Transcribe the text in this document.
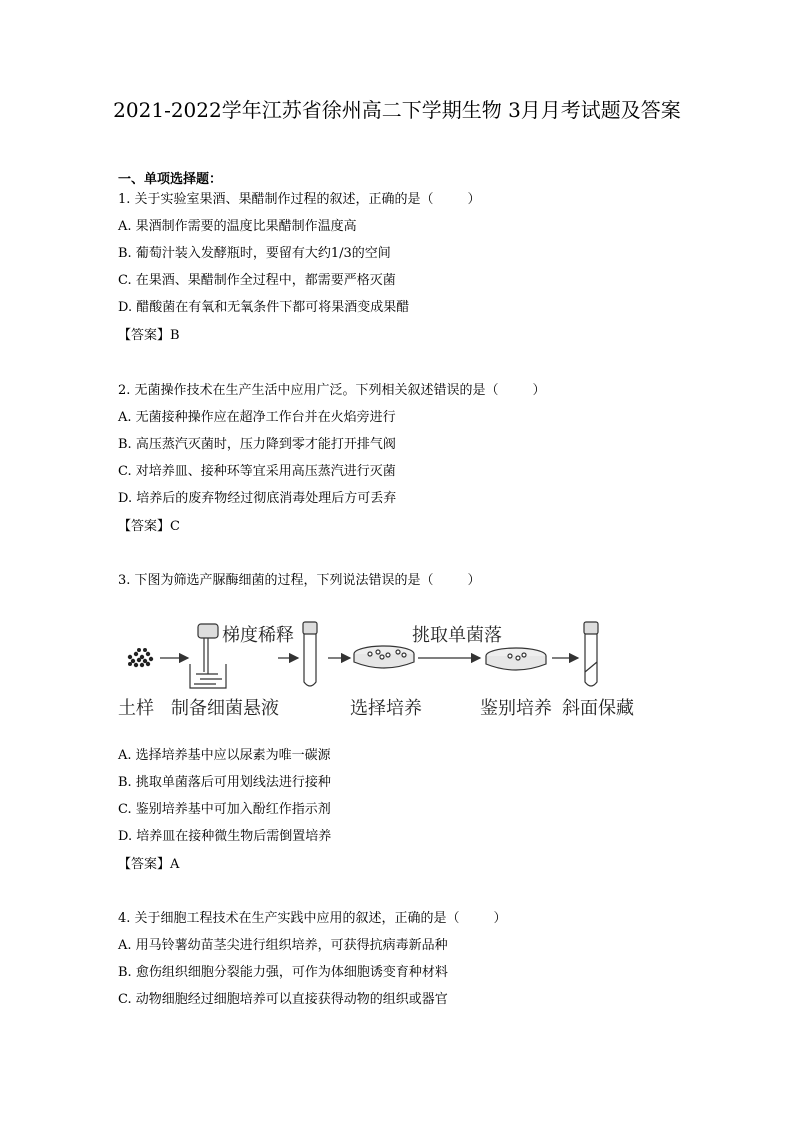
2021-2022学年江苏省徐州高二下学期生物 3月月考试题及答案
一、单项选择题：
1. 关于实验室果酒、果醋制作过程的叙述，正确的是（	）
A. 果酒制作需要的温度比果醋制作温度高
B. 葡萄汁装入发酵瓶时，要留有大约1/3的空间
C. 在果酒、果醋制作全过程中，都需要严格灭菌
D. 醋酸菌在有氧和无氧条件下都可将果酒变成果醋
【答案】B
2. 无菌操作技术在生产生活中应用广泛。下列相关叙述错误的是（	）
A. 无菌接种操作应在超净工作台并在火焰旁进行
B. 高压蒸汽灭菌时，压力降到零才能打开排气阀
C. 对培养皿、接种环等宜采用高压蒸汽进行灭菌
D. 培养后的废弃物经过彻底消毒处理后方可丢弃
【答案】C
3. 下图为筛选产脲酶细菌的过程，下列说法错误的是（	）
梯度稀释	挑取单菌落
土样 制备细菌悬液	选择培养	鉴别培养 斜面保藏
A. 选择培养基中应以尿素为唯一碳源
B. 挑取单菌落后可用划线法进行接种
C. 鉴别培养基中可加入酚红作指示剂
D. 培养皿在接种微生物后需倒置培养
【答案】A
4. 关于细胞工程技术在生产实践中应用的叙述，正确的是（	）
A. 用马铃薯幼苗茎尖进行组织培养，可获得抗病毒新品种
B. 愈伤组织细胞分裂能力强，可作为体细胞诱变育种材料
C. 动物细胞经过细胞培养可以直接获得动物的组织或器官
